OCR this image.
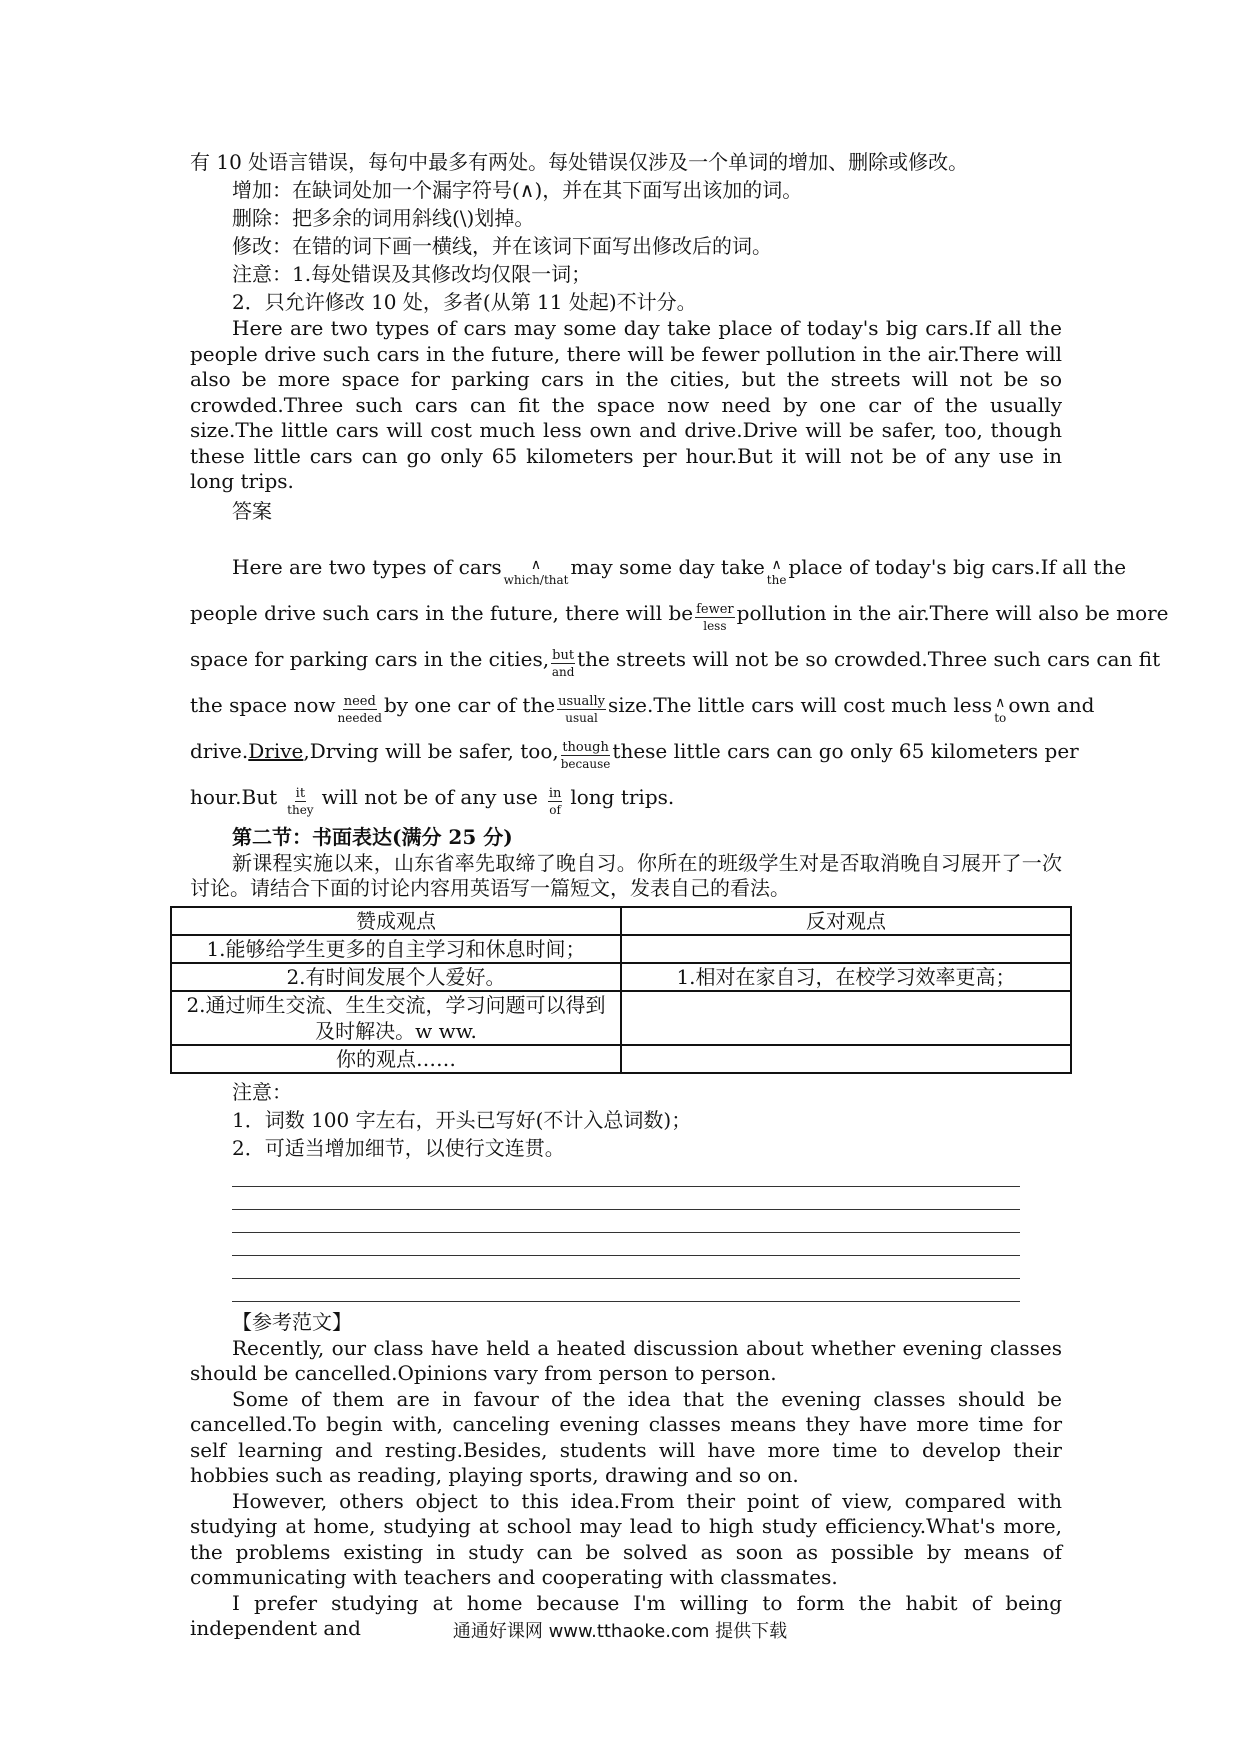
有 10 处语言错误，每句中最多有两处。每处错误仅涉及一个单词的增加、删除或修改。
增加：在缺词处加一个漏字符号(∧)，并在其下面写出该加的词。
删除：把多余的词用斜线(\)划掉。
修改：在错的词下画一横线，并在该词下面写出修改后的词。
注意：1.每处错误及其修改均仅限一词；
2．只允许修改 10 处，多者(从第 11 处起)不计分。
Here are two types of cars may some day take place of today's big cars.If all the people drive such cars in the future, there will be fewer pollution in the air.There will also be more space for parking cars in the cities, but the streets will not be so crowded.Three such cars can fit the space now need by one car of the usually size.The little cars will cost much less own and drive.Drive will be safer, too, though these little cars can go only 65 kilometers per hour.But it will not be of any use in long trips.
答案
Here are two types of cars ∧
which/that
may some day take ∧
the
place of today's big cars.If all the
people drive such cars in the future, there will be fewer
less
pollution in the air.There will also be more
space for parking cars in the cities, but
and
the streets will not be so crowded.Three such cars can fit
the space now need
needed
by one car of the usually
usual
size.The little cars will cost much less ∧
to
own and
drive.Drive,Drving will be safer, too, though
because
these little cars can go only 65 kilometers per
hour.But it
they
will not be of any use in
of
long trips.
第二节：书面表达(满分 25 分)
新课程实施以来，山东省率先取缔了晚自习。你所在的班级学生对是否取消晚自习展开了一次讨论。请结合下面的讨论内容用英语写一篇短文，发表自己的看法。
赞成观点	反对观点
1.能够给学生更多的自主学习和休息时间；	
2.有时间发展个人爱好。	1.相对在家自习，在校学习效率更高；
2.通过师生交流、生生交流，学习问题可以得到及时解决。w ww.	
你的观点……	
注意：
1．词数 100 字左右，开头已写好(不计入总词数)；
2．可适当增加细节，以使行文连贯。
【参考范文】
Recently, our class have held a heated discussion about whether evening classes should be cancelled.Opinions vary from person to person.
Some of them are in favour of the idea that the evening classes should be cancelled.To begin with, canceling evening classes means they have more time for self learning and resting.Besides, students will have more time to develop their hobbies such as reading, playing sports, drawing and so on.
However, others object to this idea.From their point of view, compared with studying at home, studying at school may lead to high study efficiency.What's more, the problems existing in study can be solved as soon as possible by means of communicating with teachers and cooperating with classmates.
I prefer studying at home because I'm willing to form the habit of being independent and	通通好课网 www.tthaoke.com 提供下载
